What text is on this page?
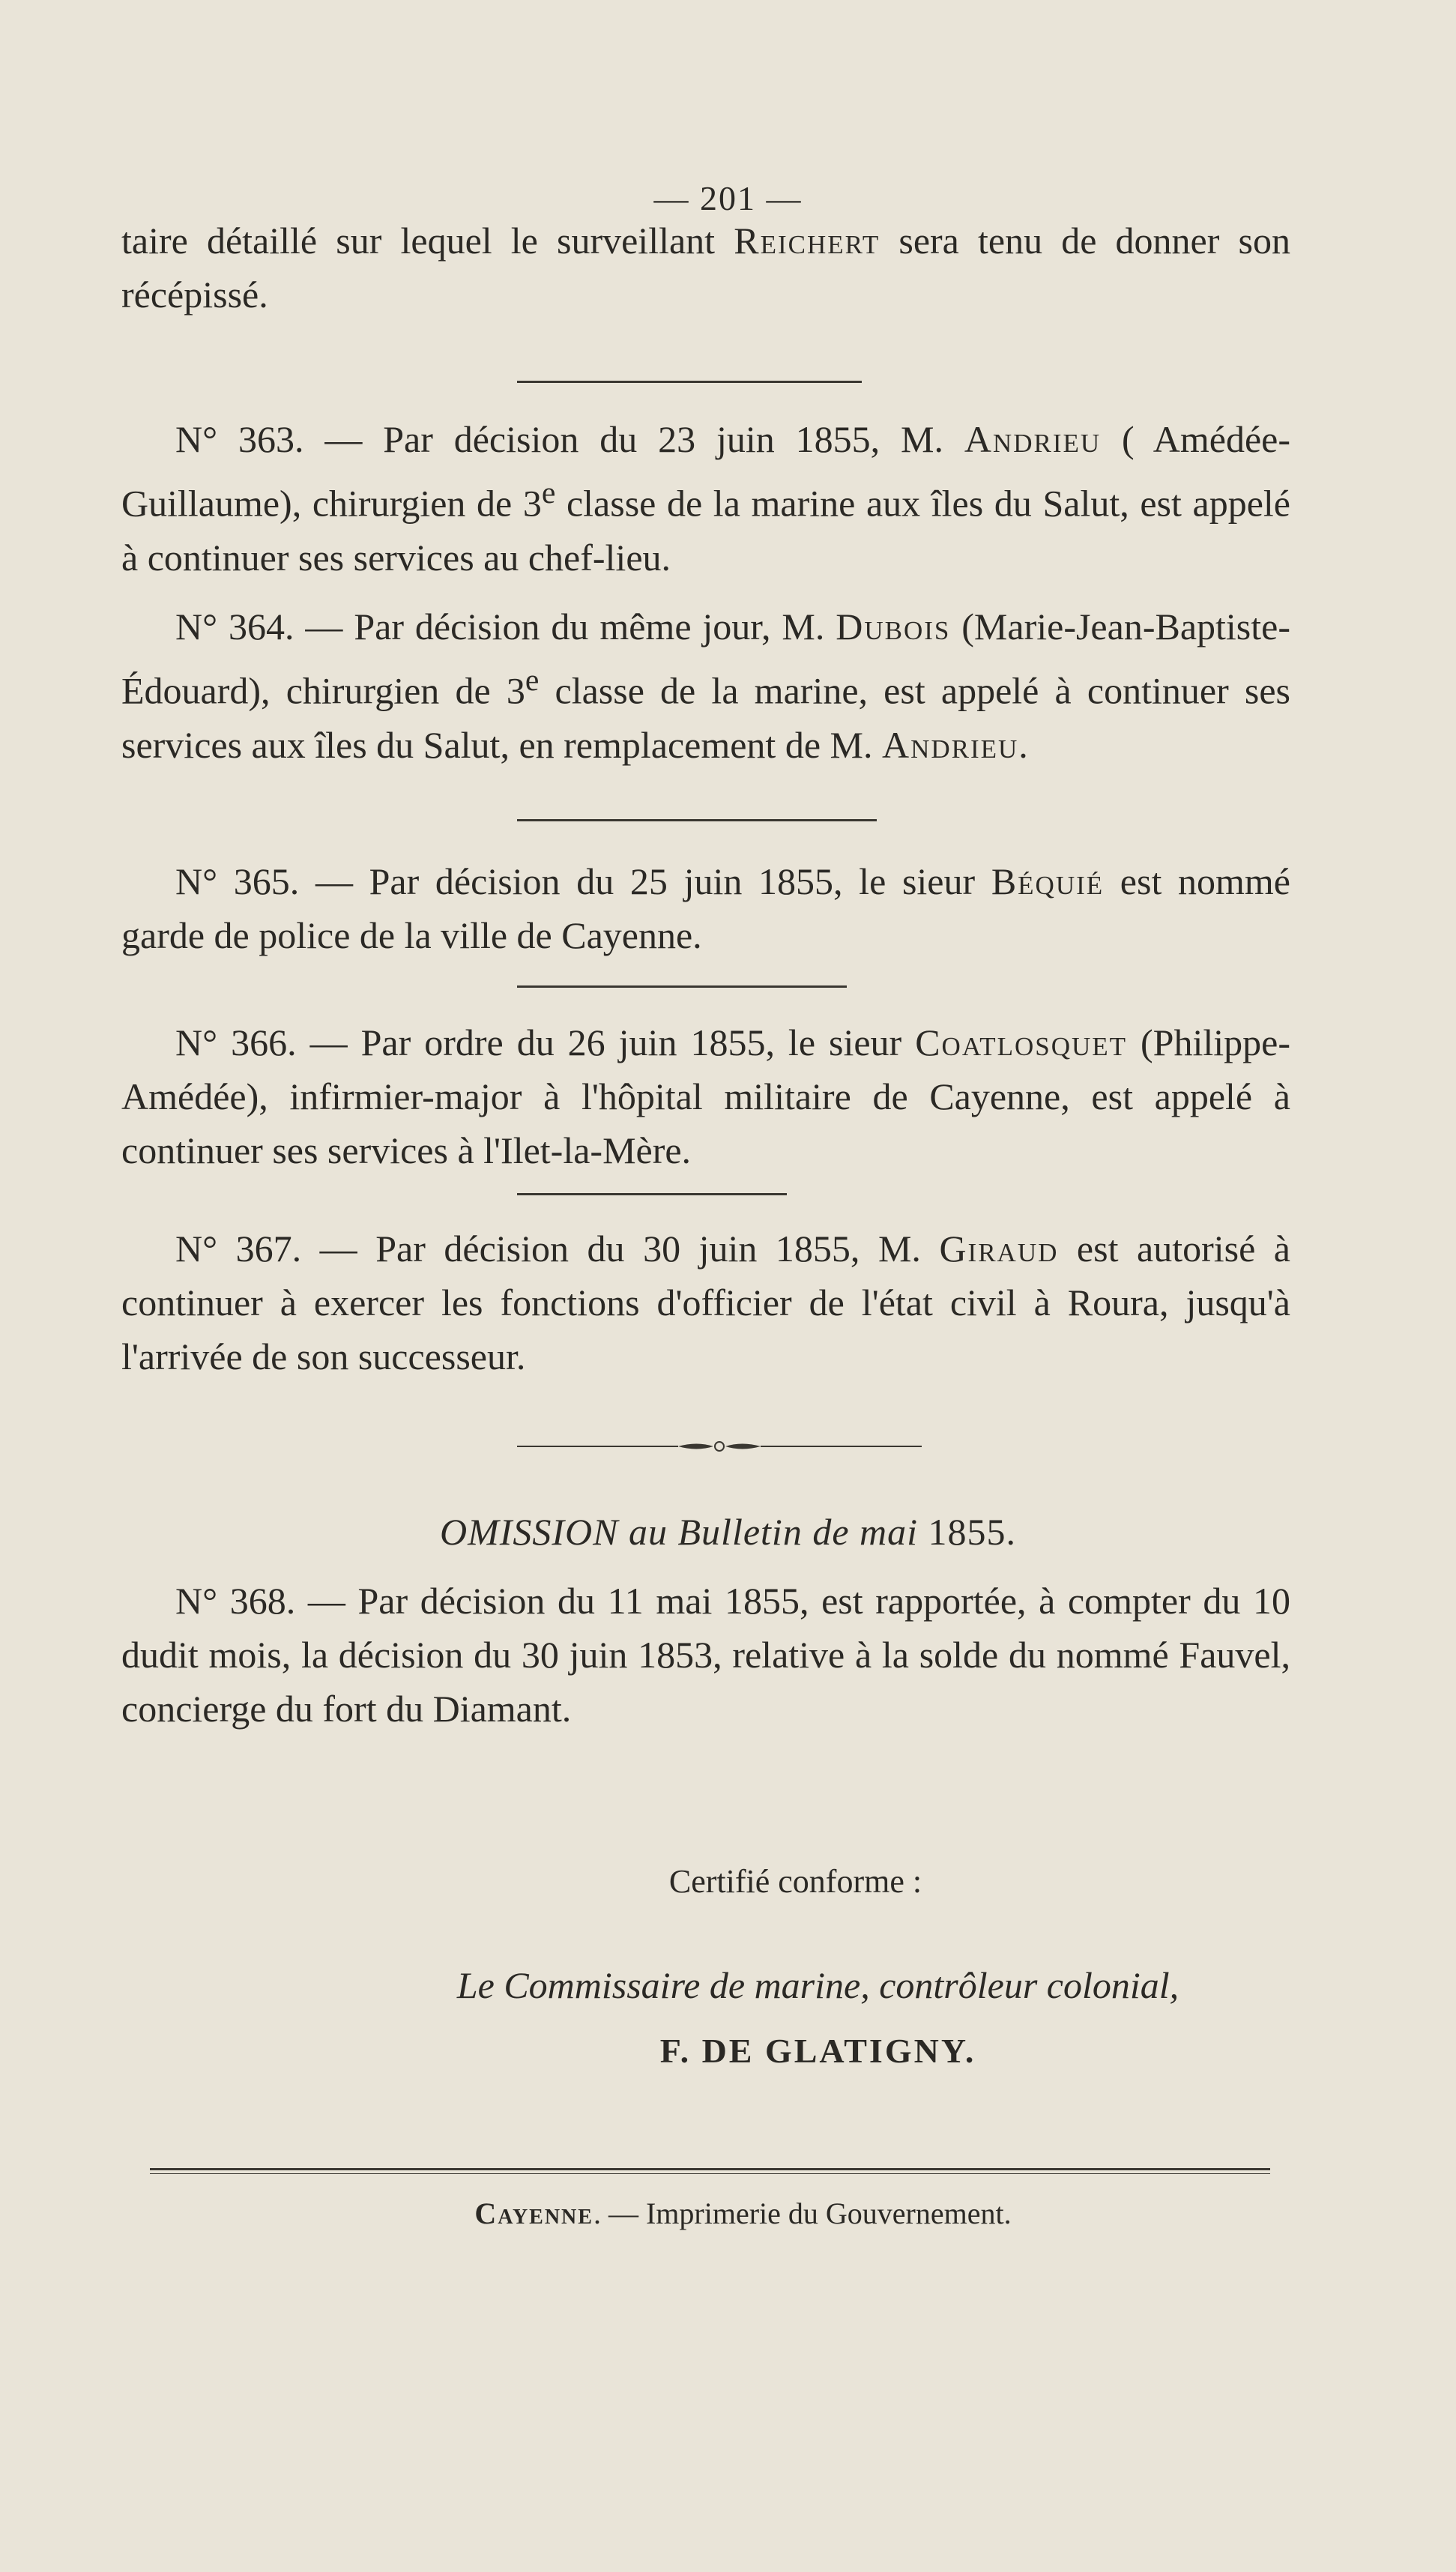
— 201 —

taire détaillé sur lequel le surveillant Reichert sera tenu de donner son récépissé.

N° 363. — Par décision du 23 juin 1855, M. Andrieu ( Amédée-Guillaume), chirurgien de 3e classe de la marine aux îles du Salut, est appelé à continuer ses services au chef-lieu.

N° 364. — Par décision du même jour, M. Dubois (Marie-Jean-Baptiste-Édouard), chirurgien de 3e classe de la marine, est appelé à continuer ses services aux îles du Salut, en remplacement de M. Andrieu.

N° 365. — Par décision du 25 juin 1855, le sieur Béquié est nommé garde de police de la ville de Cayenne.

N° 366. — Par ordre du 26 juin 1855, le sieur Coatlosquet (Philippe-Amédée), infirmier-major à l'hôpital militaire de Cayenne, est appelé à continuer ses services à l'Ilet-la-Mère.

N° 367. — Par décision du 30 juin 1855, M. Giraud est autorisé à continuer à exercer les fonctions d'officier de l'état civil à Roura, jusqu'à l'arrivée de son successeur.

OMISSION au Bulletin de mai 1855.

N° 368. — Par décision du 11 mai 1855, est rapportée, à compter du 10 dudit mois, la décision du 30 juin 1853, relative à la solde du nommé Fauvel, concierge du fort du Diamant.

Certifié conforme :
Le Commissaire de marine, contrôleur colonial,
F. DE GLATIGNY.
Cayenne. — Imprimerie du Gouvernement.
